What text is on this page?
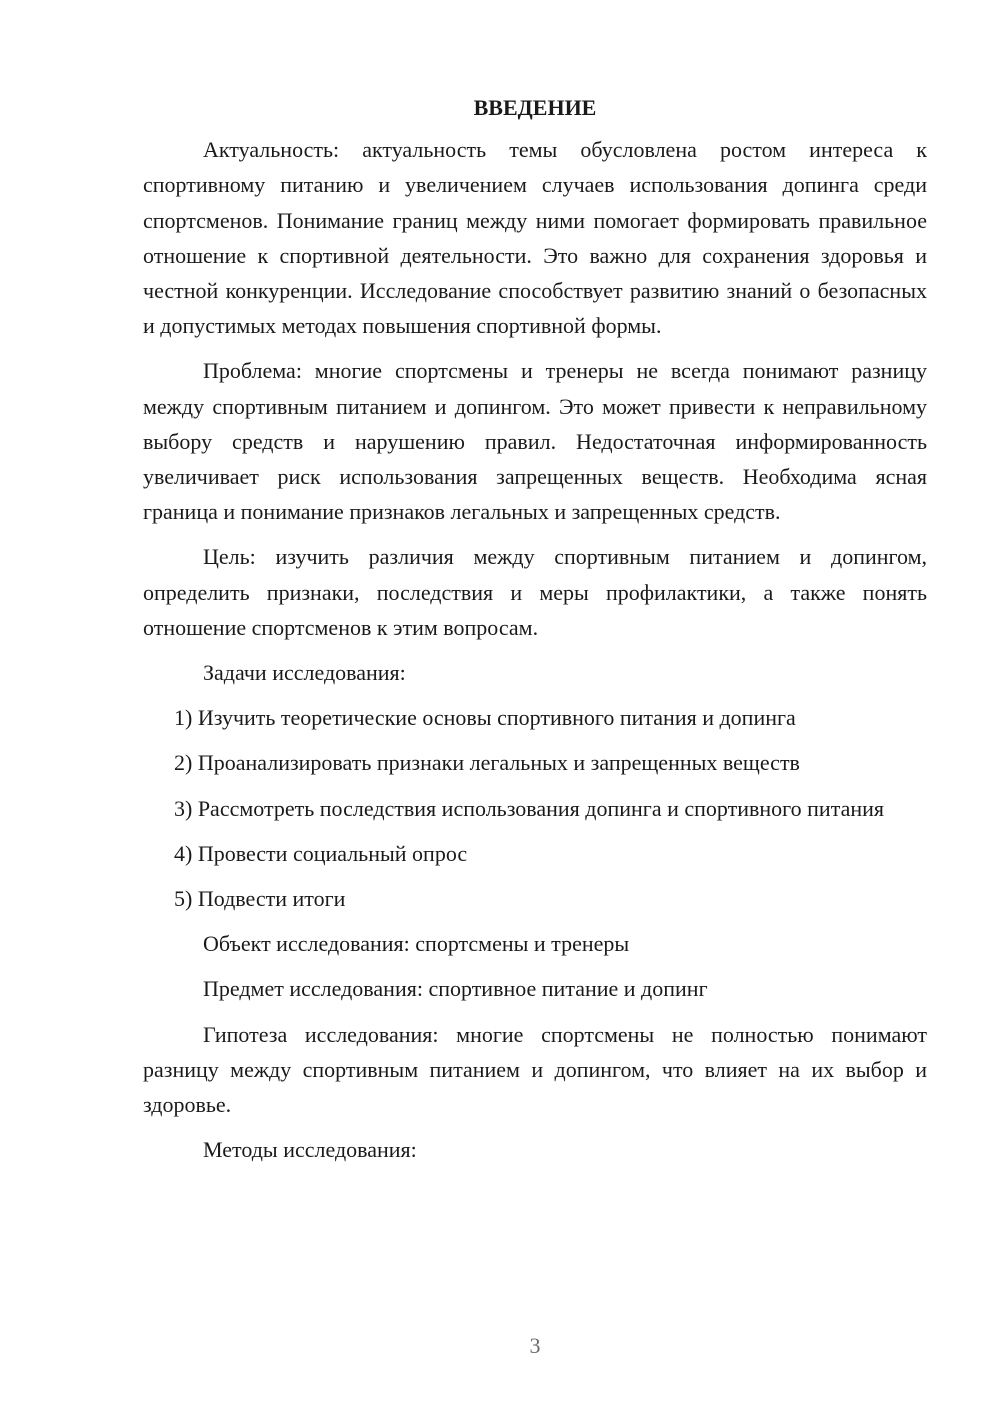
ВВЕДЕНИЕ

Актуальность: актуальность темы обусловлена ростом интереса к спортивному питанию и увеличением случаев использования допинга среди спортсменов. Понимание границ между ними помогает формировать правильное отношение к спортивной деятельности. Это важно для сохранения здоровья и честной конкуренции. Исследование способствует развитию знаний о безопасных и допустимых методах повышения спортивной формы.

Проблема: многие спортсмены и тренеры не всегда понимают разницу между спортивным питанием и допингом. Это может привести к неправильному выбору средств и нарушению правил. Недостаточная информированность увеличивает риск использования запрещенных веществ. Необходима ясная граница и понимание признаков легальных и запрещенных средств.

Цель: изучить различия между спортивным питанием и допингом, определить признаки, последствия и меры профилактики, а также понять отношение спортсменов к этим вопросам.

Задачи исследования:

1) Изучить теоретические основы спортивного питания и допинга

2) Проанализировать признаки легальных и запрещенных веществ

3) Рассмотреть последствия использования допинга и спортивного питания

4) Провести социальный опрос

5) Подвести итоги

Объект исследования: спортсмены и тренеры

Предмет исследования: спортивное питание и допинг

Гипотеза исследования: многие спортсмены не полностью понимают разницу между спортивным питанием и допингом, что влияет на их выбор и здоровье.

Методы исследования:

3
